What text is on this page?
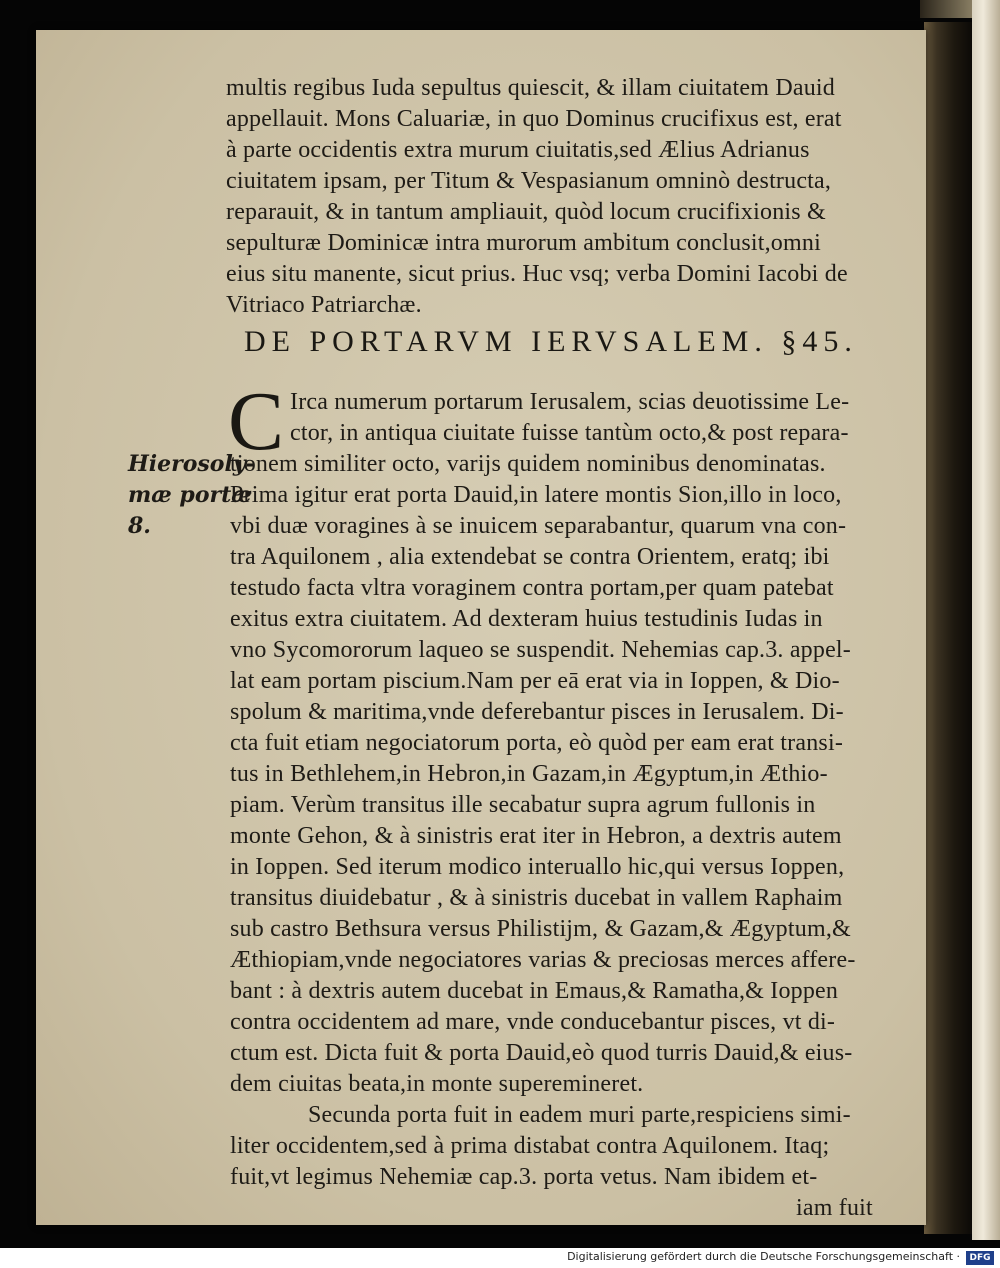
multis regibus Iuda sepultus quiescit, & illam ciuitatem Dauid
appellauit. Mons Caluariæ, in quo Dominus crucifixus est, erat
à parte occidentis extra murum ciuitatis,sed Ælius Adrianus
ciuitatem ipsam, per Titum & Vespasianum omninò destructa,
reparauit, & in tantum ampliauit, quòd locum crucifixionis &
sepulturæ Dominicæ intra murorum ambitum conclusit,omni
eius situ manente, sicut prius. Huc vsq; verba Domini Iacobi de
Vitriaco Patriarchæ.
DE PORTARVM IERVSALEM. §45.
C Irca numerum portarum Ierusalem, scias deuotissime Le-
ctor, in antiqua ciuitate fuisse tantùm octo,& post repara-
tionem similiter octo, varijs quidem nominibus denominatas.
Prima igitur erat porta Dauid,in latere montis Sion,illo in loco,
vbi duæ voragines à se inuicem separabantur, quarum vna con-
tra Aquilonem , alia extendebat se contra Orientem, eratq; ibi
testudo facta vltra voraginem contra portam,per quam patebat
exitus extra ciuitatem. Ad dexteram huius testudinis Iudas in
vno Sycomororum laqueo se suspendit. Nehemias cap.3. appel-
lat eam portam piscium.Nam per eā erat via in Ioppen, & Dio-
spolum & maritima,vnde deferebantur pisces in Ierusalem. Di-
cta fuit etiam negociatorum porta, eò quòd per eam erat transi-
tus in Bethlehem,in Hebron,in Gazam,in Ægyptum,in Æthio-
piam. Verùm transitus ille secabatur supra agrum fullonis in
monte Gehon, & à sinistris erat iter in Hebron, a dextris autem
in Ioppen. Sed iterum modico interuallo hic,qui versus Ioppen,
transitus diuidebatur , & à sinistris ducebat in vallem Raphaim
sub castro Bethsura versus Philistijm, & Gazam,& Ægyptum,&
Æthiopiam,vnde negociatores varias & preciosas merces affere-
bant : à dextris autem ducebat in Emaus,& Ramatha,& Ioppen
contra occidentem ad mare, vnde conducebantur pisces, vt di-
ctum est. Dicta fuit & porta Dauid,eò quod turris Dauid,& eius-
dem ciuitas beata,in monte superemineret.
Secunda porta fuit in eadem muri parte,respiciens simi-
liter occidentem,sed à prima distabat contra Aquilonem. Itaq;
fuit,vt legimus Nehemiæ cap.3. porta vetus. Nam ibidem et-
iam fuit
Hierosoly-
mæ portæ
8.
Digitalisierung gefördert durch die Deutsche Forschungsgemeinschaft ·	DFG
